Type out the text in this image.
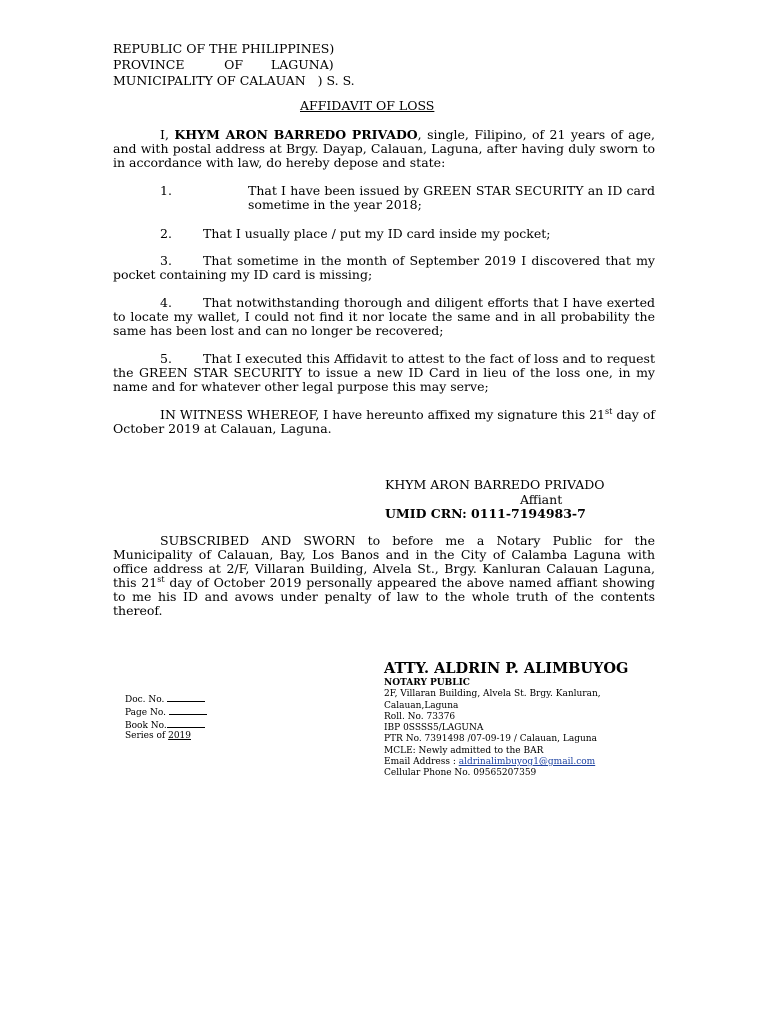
REPUBLIC OF THE PHILIPPINES)
PROVINCE          OF       LAGUNA)
MUNICIPALITY OF CALAUAN   ) S. S.
AFFIDAVIT OF LOSS
I, KHYM ARON BARREDO PRIVADO, single, Filipino, of 21 years of age, and with postal address at Brgy. Dayap, Calauan, Laguna, after having duly sworn to in accordance with law, do hereby depose and state:
1.	That I have been issued by GREEN STAR SECURITY an ID card sometime in the year 2018;
2. That I usually place / put my ID card inside my pocket;
3. That sometime in the month of September 2019 I discovered that my pocket containing my ID card is missing;
4. That notwithstanding thorough and diligent efforts that I have exerted to locate my wallet, I could not find it nor locate the same and in all probability the same has been lost and can no longer be recovered;
5. That I executed this Affidavit to attest to the fact of loss and to request the GREEN STAR SECURITY to issue a new ID Card in lieu of the loss one, in my name and for whatever other legal purpose this may serve;
IN WITNESS WHEREOF, I have hereunto affixed my signature this 21st day of October 2019 at Calauan, Laguna.
KHYM ARON BARREDO PRIVADO
Affiant
UMID CRN: 0111-7194983-7
SUBSCRIBED AND SWORN to before me a Notary Public for the Municipality of Calauan, Bay, Los Banos and in the City of Calamba Laguna with office address at 2/F, Villaran Building, Alvela St., Brgy. Kanluran Calauan Laguna, this 21st day of October 2019 personally appeared the above named affiant showing to me his ID and avows under penalty of law to the whole truth of the contents thereof.
ATTY. ALDRIN P. ALIMBUYOG
NOTARY PUBLIC
2F, Villaran Building, Alvela St. Brgy. Kanluran,
Calauan,Laguna
Roll. No. 73376
IBP 0SSSS5/LAGUNA
PTR No. 7391498 /07-09-19 / Calauan, Laguna
MCLE: Newly admitted to the BAR
Email Address : aldrinalimbuyog1@gmail.com
Cellular Phone No. 09565207359
Doc. No.
Page No.
Book No.
Series of 2019
